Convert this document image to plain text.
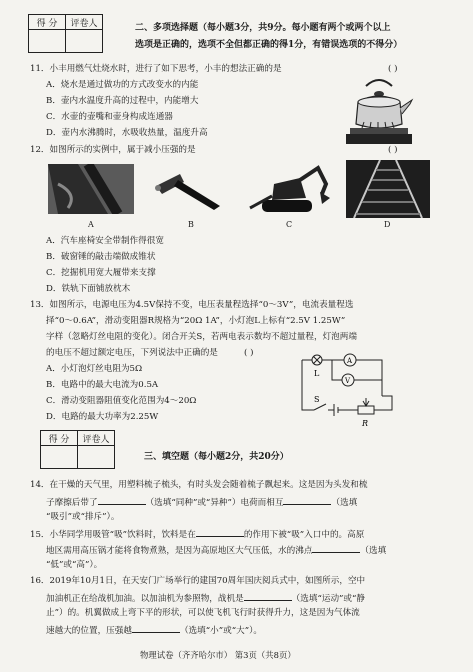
得 分	评卷人
		二、多项选择题（每小题3分，共9分。每小题有两个或两个以上
选项是正确的，选项不全但都正确的得1分，有错误选项的不得分）
11．小丰用燃气灶烧水时，进行了如下思考，小丰的想法正确的是	( )
A．烧水是通过做功的方式改变水的内能
B．壶内水温度升高的过程中，内能增大
C．水壶的壶嘴和壶身构成连通器
D．壶内水沸腾时，水吸收热量，温度升高
12．如图所示的实例中，属于减小压强的是	( )
A	B	C	D
A．汽车座椅安全带制作得很宽
B．破窗锤的敲击端做成锥状
C．挖掘机用宽大履带来支撑
D．铁轨下面铺放枕木
13．如图所示，电源电压为4.5V保持不变，电压表量程选择“0～3V”，电流表量程选
择“0～0.6A”，滑动变阻器R规格为“20Ω 1A”，小灯泡L上标有“2.5V 1.25W”
字样（忽略灯丝电阻的变化）。闭合开关S，若两电表示数均不超过量程，灯泡两端
的电压不超过额定电压，下列说法中正确的是	( )
A．小灯泡灯丝电阻为5Ω
B．电路中的最大电流为0.5A
C．滑动变阻器阻值变化范围为4～20Ω
D．电路的最大功率为2.25W
A
L
V
S
R
得 分	评卷人

三、填空题（每小题2分，共20分）
14．在干燥的天气里，用塑料梳子梳头，有时头发会随着梳子飘起来。这是因为头发和梳
子摩擦后带了	（选填“同种”或“异种”）电荷而相互	（选填
“吸引”或“排斥”）。
15．小华同学用吸管“吸”饮料时，饮料是在	的作用下被“吸”入口中的。高原
地区需用高压锅才能将食物煮熟，是因为高原地区大气压低，水的沸点	（选填
“低”或“高”）。
16．2019年10月1日，在天安门广场举行的建国70周年国庆阅兵式中，如图所示，空中
加油机正在给战机加油。以加油机为参照物，战机是	（选填“运动”或“静
止”）的。机翼做成上弯下平的形状，可以使飞机飞行时获得升力，这是因为气体流
速越大的位置，压强越	（选填“小”或“大”）。
物理试卷（齐齐哈尔市） 第3页（共8页）
